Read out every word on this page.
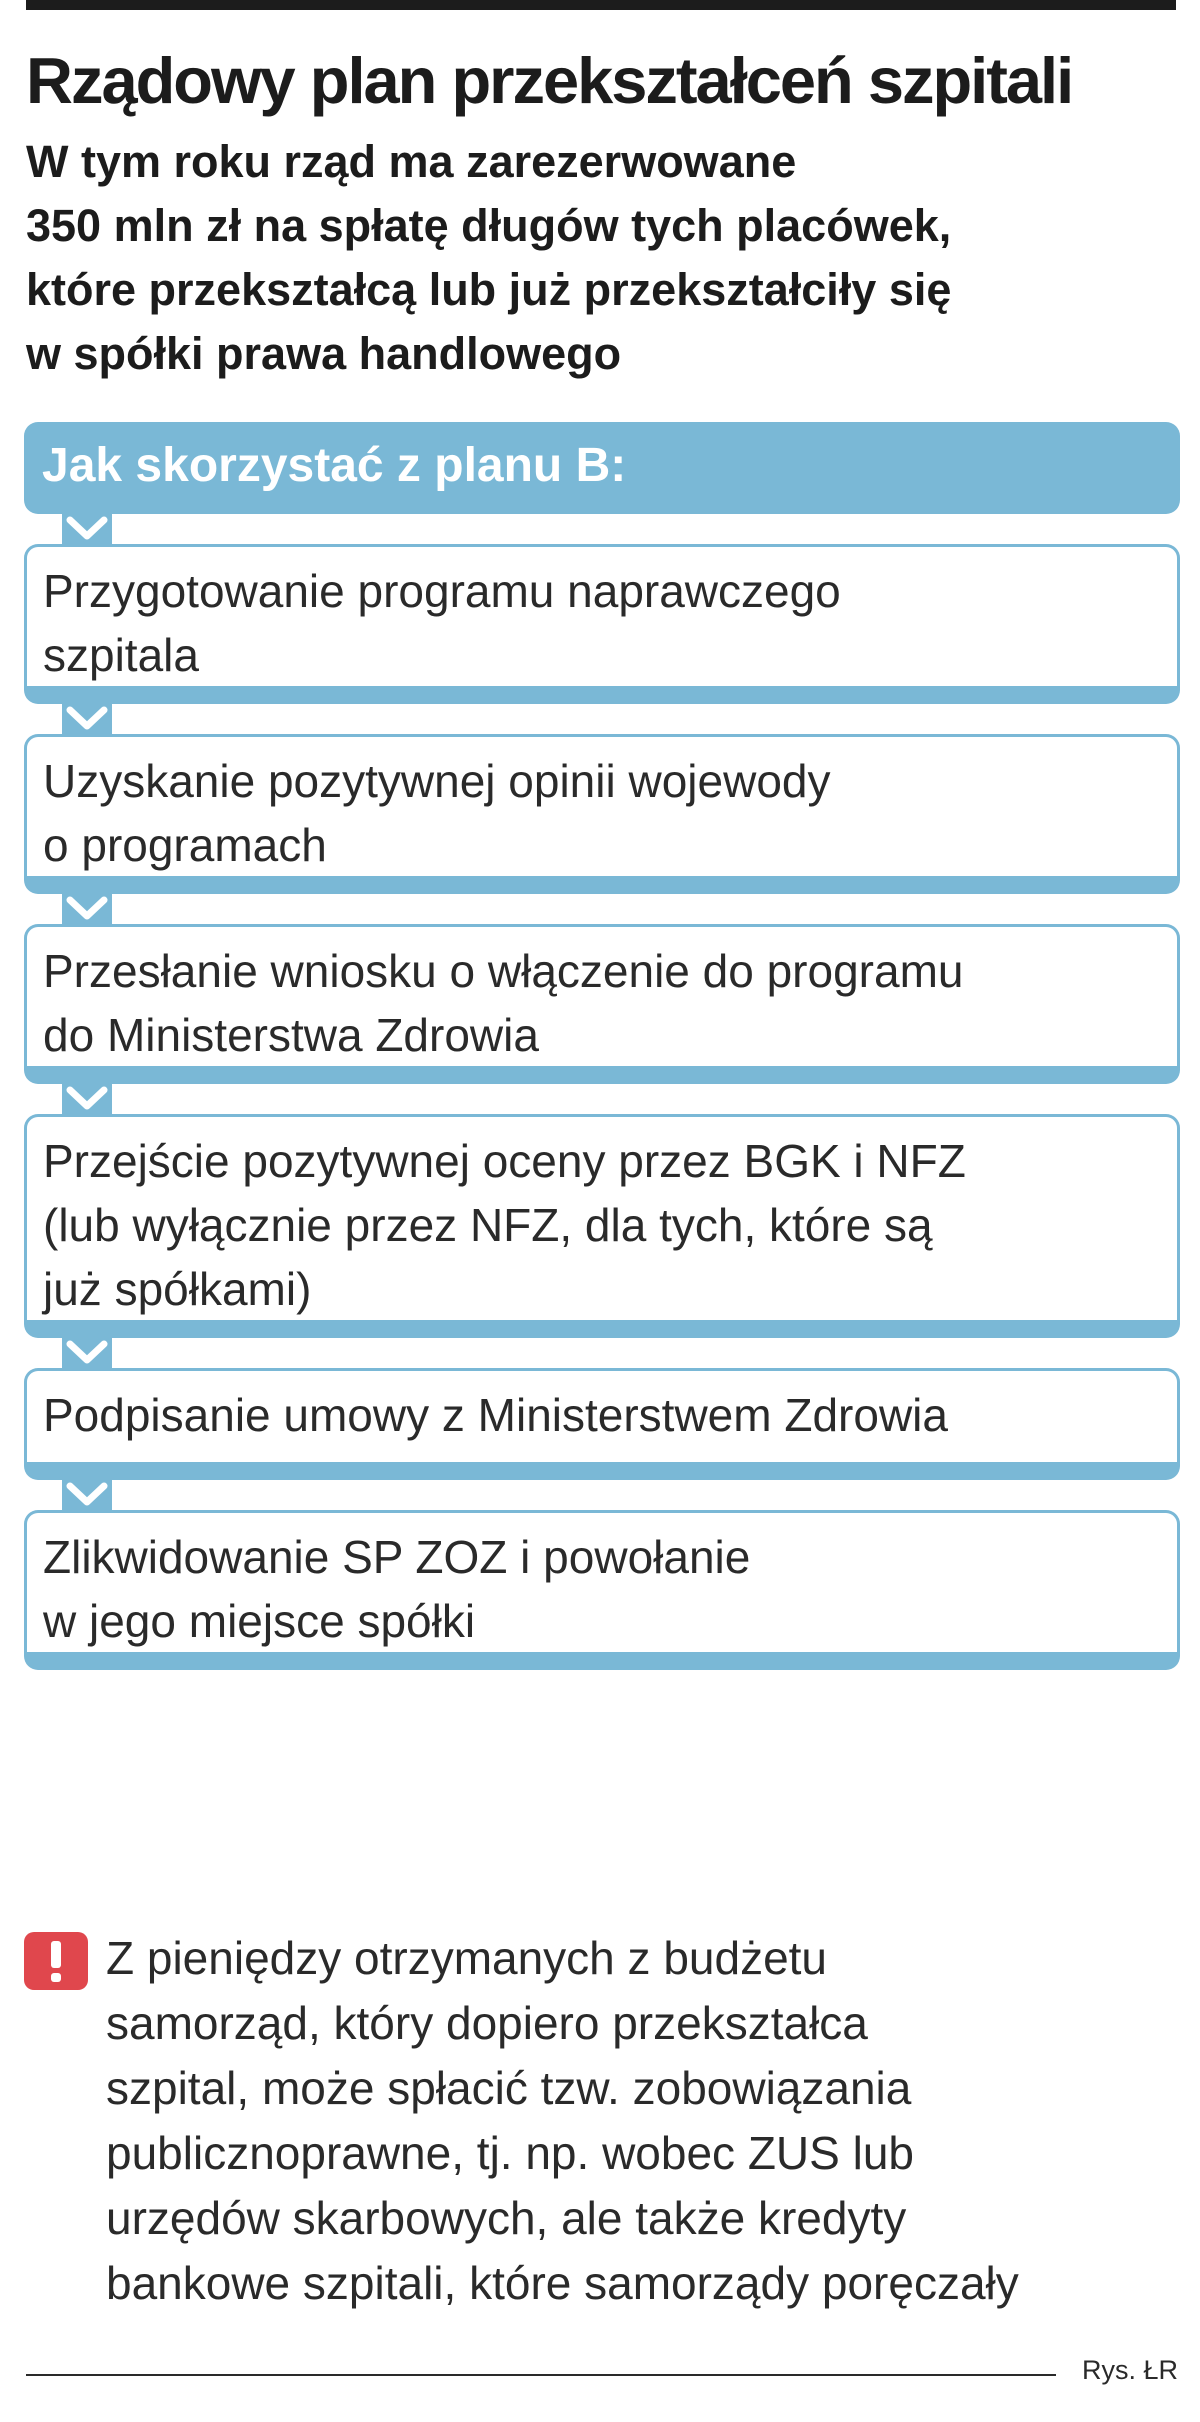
Rządowy plan przekształceń szpitali
W tym roku rząd ma zarezerwowane
350 mln zł na spłatę długów tych placówek,
które przekształcą lub już przekształciły się
w spółki prawa handlowego
Jak skorzystać z planu B:
Przygotowanie programu naprawczego
szpitala
Uzyskanie pozytywnej opinii wojewody
o programach
Przesłanie wniosku o włączenie do programu
do Ministerstwa Zdrowia
Przejście pozytywnej oceny przez BGK i NFZ
(lub wyłącznie przez NFZ, dla tych, które są
już spółkami)
Podpisanie umowy z Ministerstwem Zdrowia
Zlikwidowanie SP ZOZ i powołanie
w jego miejsce spółki
Z pieniędzy otrzymanych z budżetu
samorząd, który dopiero przekształca
szpital, może spłacić tzw. zobowiązania
publicznoprawne, tj. np. wobec ZUS lub
urzędów skarbowych, ale także kredyty
bankowe szpitali, które samorządy poręczały
Rys. ŁR
